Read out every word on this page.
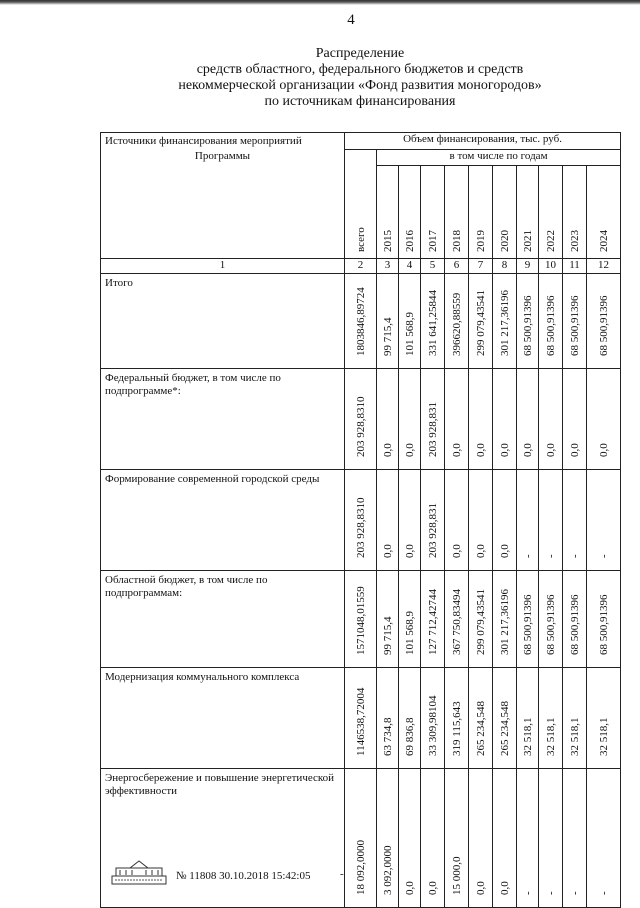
4
Распределение
средств областного, федерального бюджетов и средств
некоммерческой организации «Фонд развития моногородов»
по источникам финансирования
Источники финансирования мероприятий
Программы	Объем финансирования, тыс. руб.										

	всего	в том числе по годам									

		2015	2016	2017	2018	2019	2020	2021	2022	2023	2024

1	2	3	4	5	6	7	8	9	10	11	12
Итого	1803846,89724	99 715,4	101 568,9	331 641,25844	396620,88559	299 079,43541	301 217,36196	68 500,91396	68 500,91396	68 500,91396	68 500,91396

Федеральный бюджет, в том числе по подпрограмме*:	203 928,8310	0,0	0,0	203 928,831	0,0	0,0	0,0	0,0	0,0	0,0	0,0

Формирование современной городской среды	203 928,8310	0,0	0,0	203 928,831	0,0	0,0	0,0	-	-	-	-

Областной бюджет, в том числе по подпрограммам:	1571048,01559	99 715,4	101 568,9	127 712,42744	367 750,83494	299 079,43541	301 217,36196	68 500,91396	68 500,91396	68 500,91396	68 500,91396

Модернизация коммунального комплекса	1146538,72004	63 734,8	69 836,8	33 309,98104	319 115,643	265 234,548	265 234,548	32 518,1	32 518,1	32 518,1	32 518,1

Энергосбережение и повышение энергетической эффективности	18 092,0000	3 092,0000	0,0	0,0	15 000,0	0,0	0,0	-	-	-	-
№ 11808 30.10.2018 15:42:05	-
